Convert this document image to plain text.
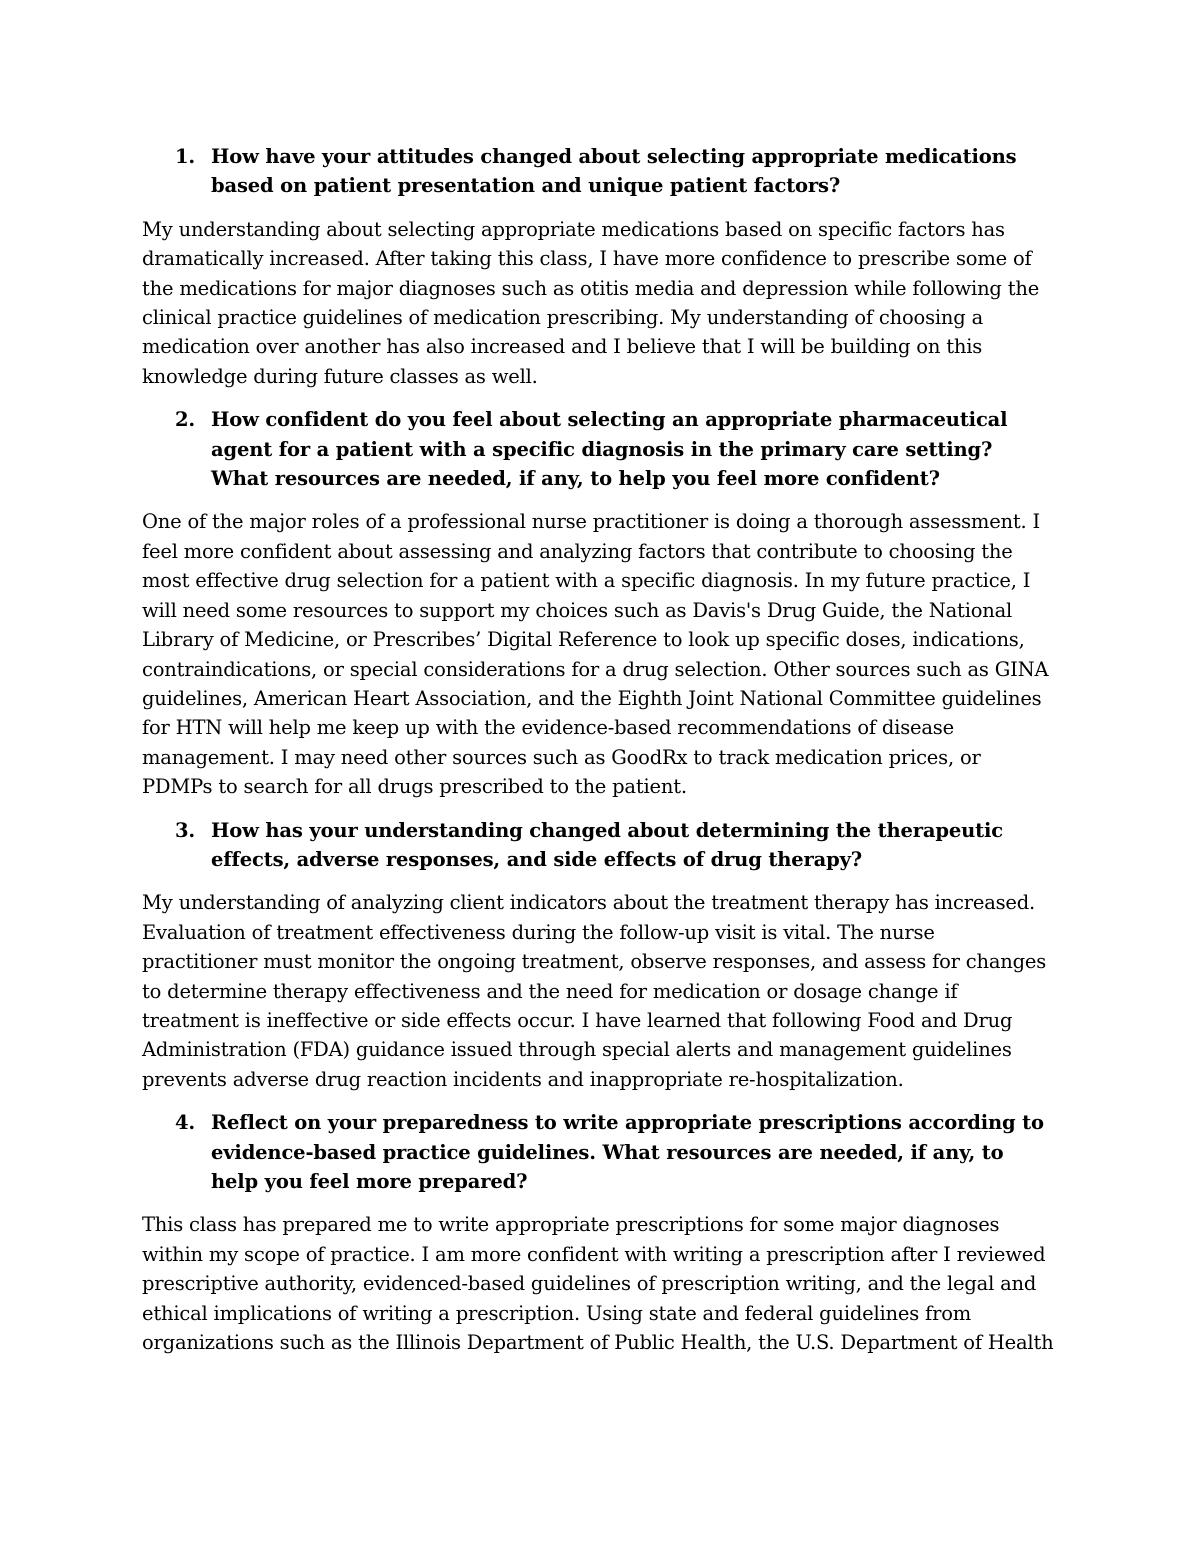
1. How have your attitudes changed about selecting appropriate medications based on patient presentation and unique patient factors?

My understanding about selecting appropriate medications based on specific factors has dramatically increased. After taking this class, I have more confidence to prescribe some of the medications for major diagnoses such as otitis media and depression while following the clinical practice guidelines of medication prescribing. My understanding of choosing a medication over another has also increased and I believe that I will be building on this knowledge during future classes as well.

2. How confident do you feel about selecting an appropriate pharmaceutical agent for a patient with a specific diagnosis in the primary care setting? What resources are needed, if any, to help you feel more confident?

One of the major roles of a professional nurse practitioner is doing a thorough assessment. I feel more confident about assessing and analyzing factors that contribute to choosing the most effective drug selection for a patient with a specific diagnosis. In my future practice, I will need some resources to support my choices such as Davis's Drug Guide, the National Library of Medicine, or Prescribes’ Digital Reference to look up specific doses, indications, contraindications, or special considerations for a drug selection. Other sources such as GINA guidelines, American Heart Association, and the Eighth Joint National Committee guidelines for HTN will help me keep up with the evidence-based recommendations of disease management. I may need other sources such as GoodRx to track medication prices, or PDMPs to search for all drugs prescribed to the patient.

3. How has your understanding changed about determining the therapeutic effects, adverse responses, and side effects of drug therapy?

My understanding of analyzing client indicators about the treatment therapy has increased. Evaluation of treatment effectiveness during the follow-up visit is vital. The nurse practitioner must monitor the ongoing treatment, observe responses, and assess for changes to determine therapy effectiveness and the need for medication or dosage change if treatment is ineffective or side effects occur. I have learned that following Food and Drug Administration (FDA) guidance issued through special alerts and management guidelines prevents adverse drug reaction incidents and inappropriate re-hospitalization.

4. Reflect on your preparedness to write appropriate prescriptions according to evidence-based practice guidelines. What resources are needed, if any, to help you feel more prepared?

This class has prepared me to write appropriate prescriptions for some major diagnoses within my scope of practice. I am more confident with writing a prescription after I reviewed prescriptive authority, evidenced-based guidelines of prescription writing, and the legal and ethical implications of writing a prescription. Using state and federal guidelines from organizations such as the Illinois Department of Public Health, the U.S. Department of Health
